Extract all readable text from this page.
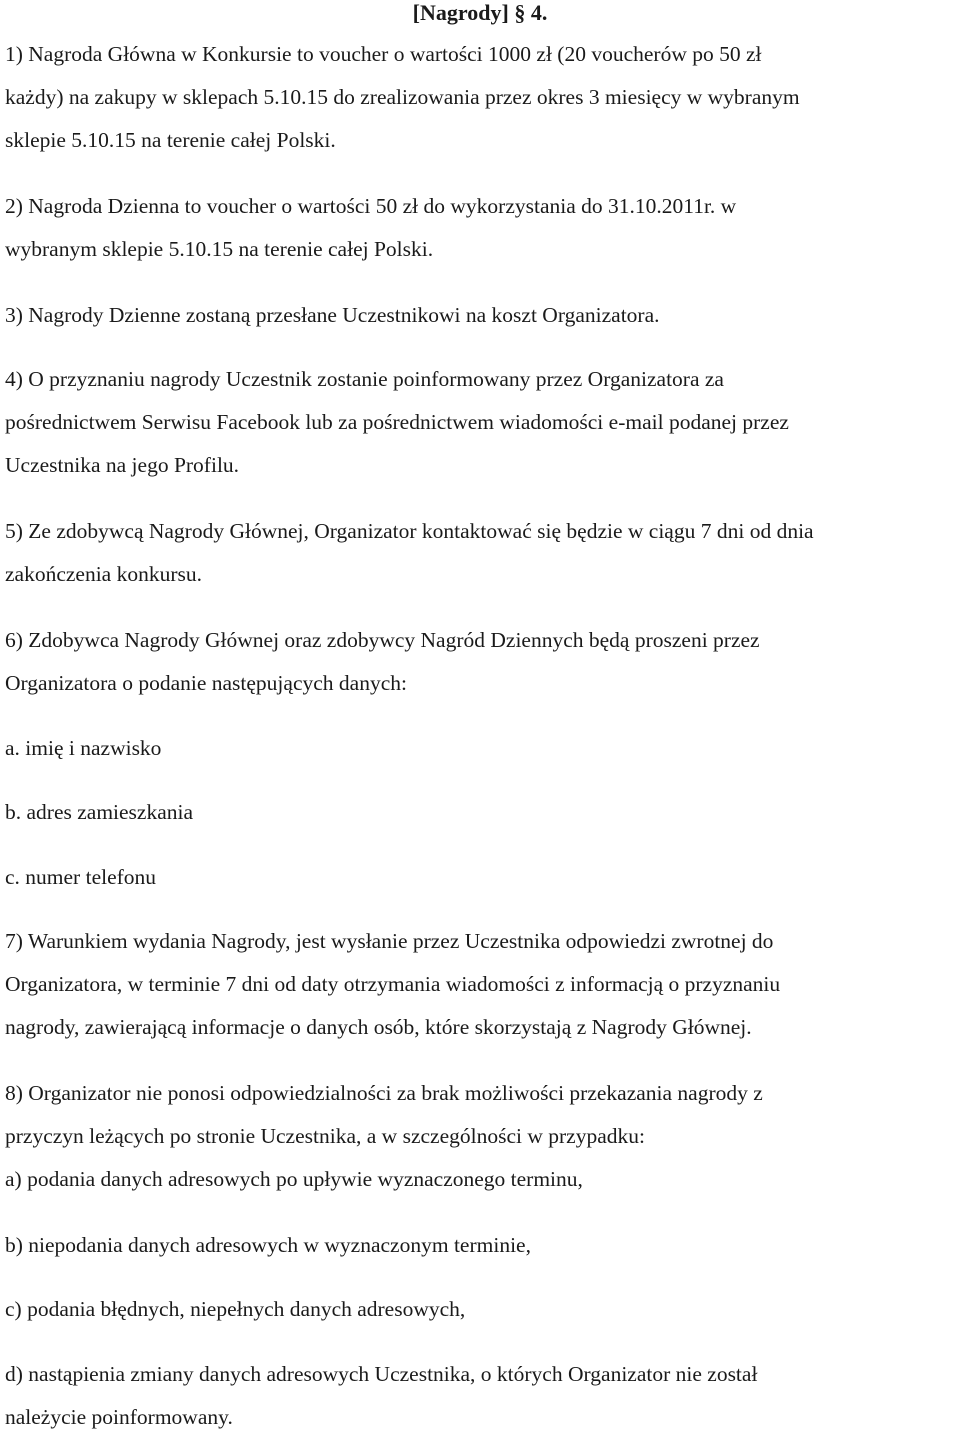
[Nagrody] § 4.

1) Nagroda Główna w Konkursie to voucher o wartości 1000 zł (20 voucherów po 50 zł
każdy) na zakupy w sklepach 5.10.15 do zrealizowania przez okres 3 miesięcy w wybranym
sklepie 5.10.15 na terenie całej Polski.

2) Nagroda Dzienna to voucher o wartości 50 zł do wykorzystania do 31.10.2011r. w
wybranym sklepie 5.10.15 na terenie całej Polski.

3) Nagrody Dzienne zostaną przesłane Uczestnikowi na koszt Organizatora.

4) O przyznaniu nagrody Uczestnik zostanie poinformowany przez Organizatora za
pośrednictwem Serwisu Facebook lub za pośrednictwem wiadomości e-mail podanej przez
Uczestnika na jego Profilu.

5) Ze zdobywcą Nagrody Głównej, Organizator kontaktować się będzie w ciągu 7 dni od dnia
zakończenia konkursu.

6) Zdobywca Nagrody Głównej oraz zdobywcy Nagród Dziennych będą proszeni przez
Organizatora o podanie następujących danych:

a. imię i nazwisko

b. adres zamieszkania

c. numer telefonu

7) Warunkiem wydania Nagrody, jest wysłanie przez Uczestnika odpowiedzi zwrotnej do
Organizatora, w terminie 7 dni od daty otrzymania wiadomości z informacją o przyznaniu
nagrody, zawierającą informacje o danych osób, które skorzystają z Nagrody Głównej.

8) Organizator nie ponosi odpowiedzialności za brak możliwości przekazania nagrody z
przyczyn leżących po stronie Uczestnika, a w szczególności w przypadku:
a) podania danych adresowych po upływie wyznaczonego terminu,

b) niepodania danych adresowych w wyznaczonym terminie,

c) podania błędnych, niepełnych danych adresowych,

d) nastąpienia zmiany danych adresowych Uczestnika, o których Organizator nie został
należycie poinformowany.
